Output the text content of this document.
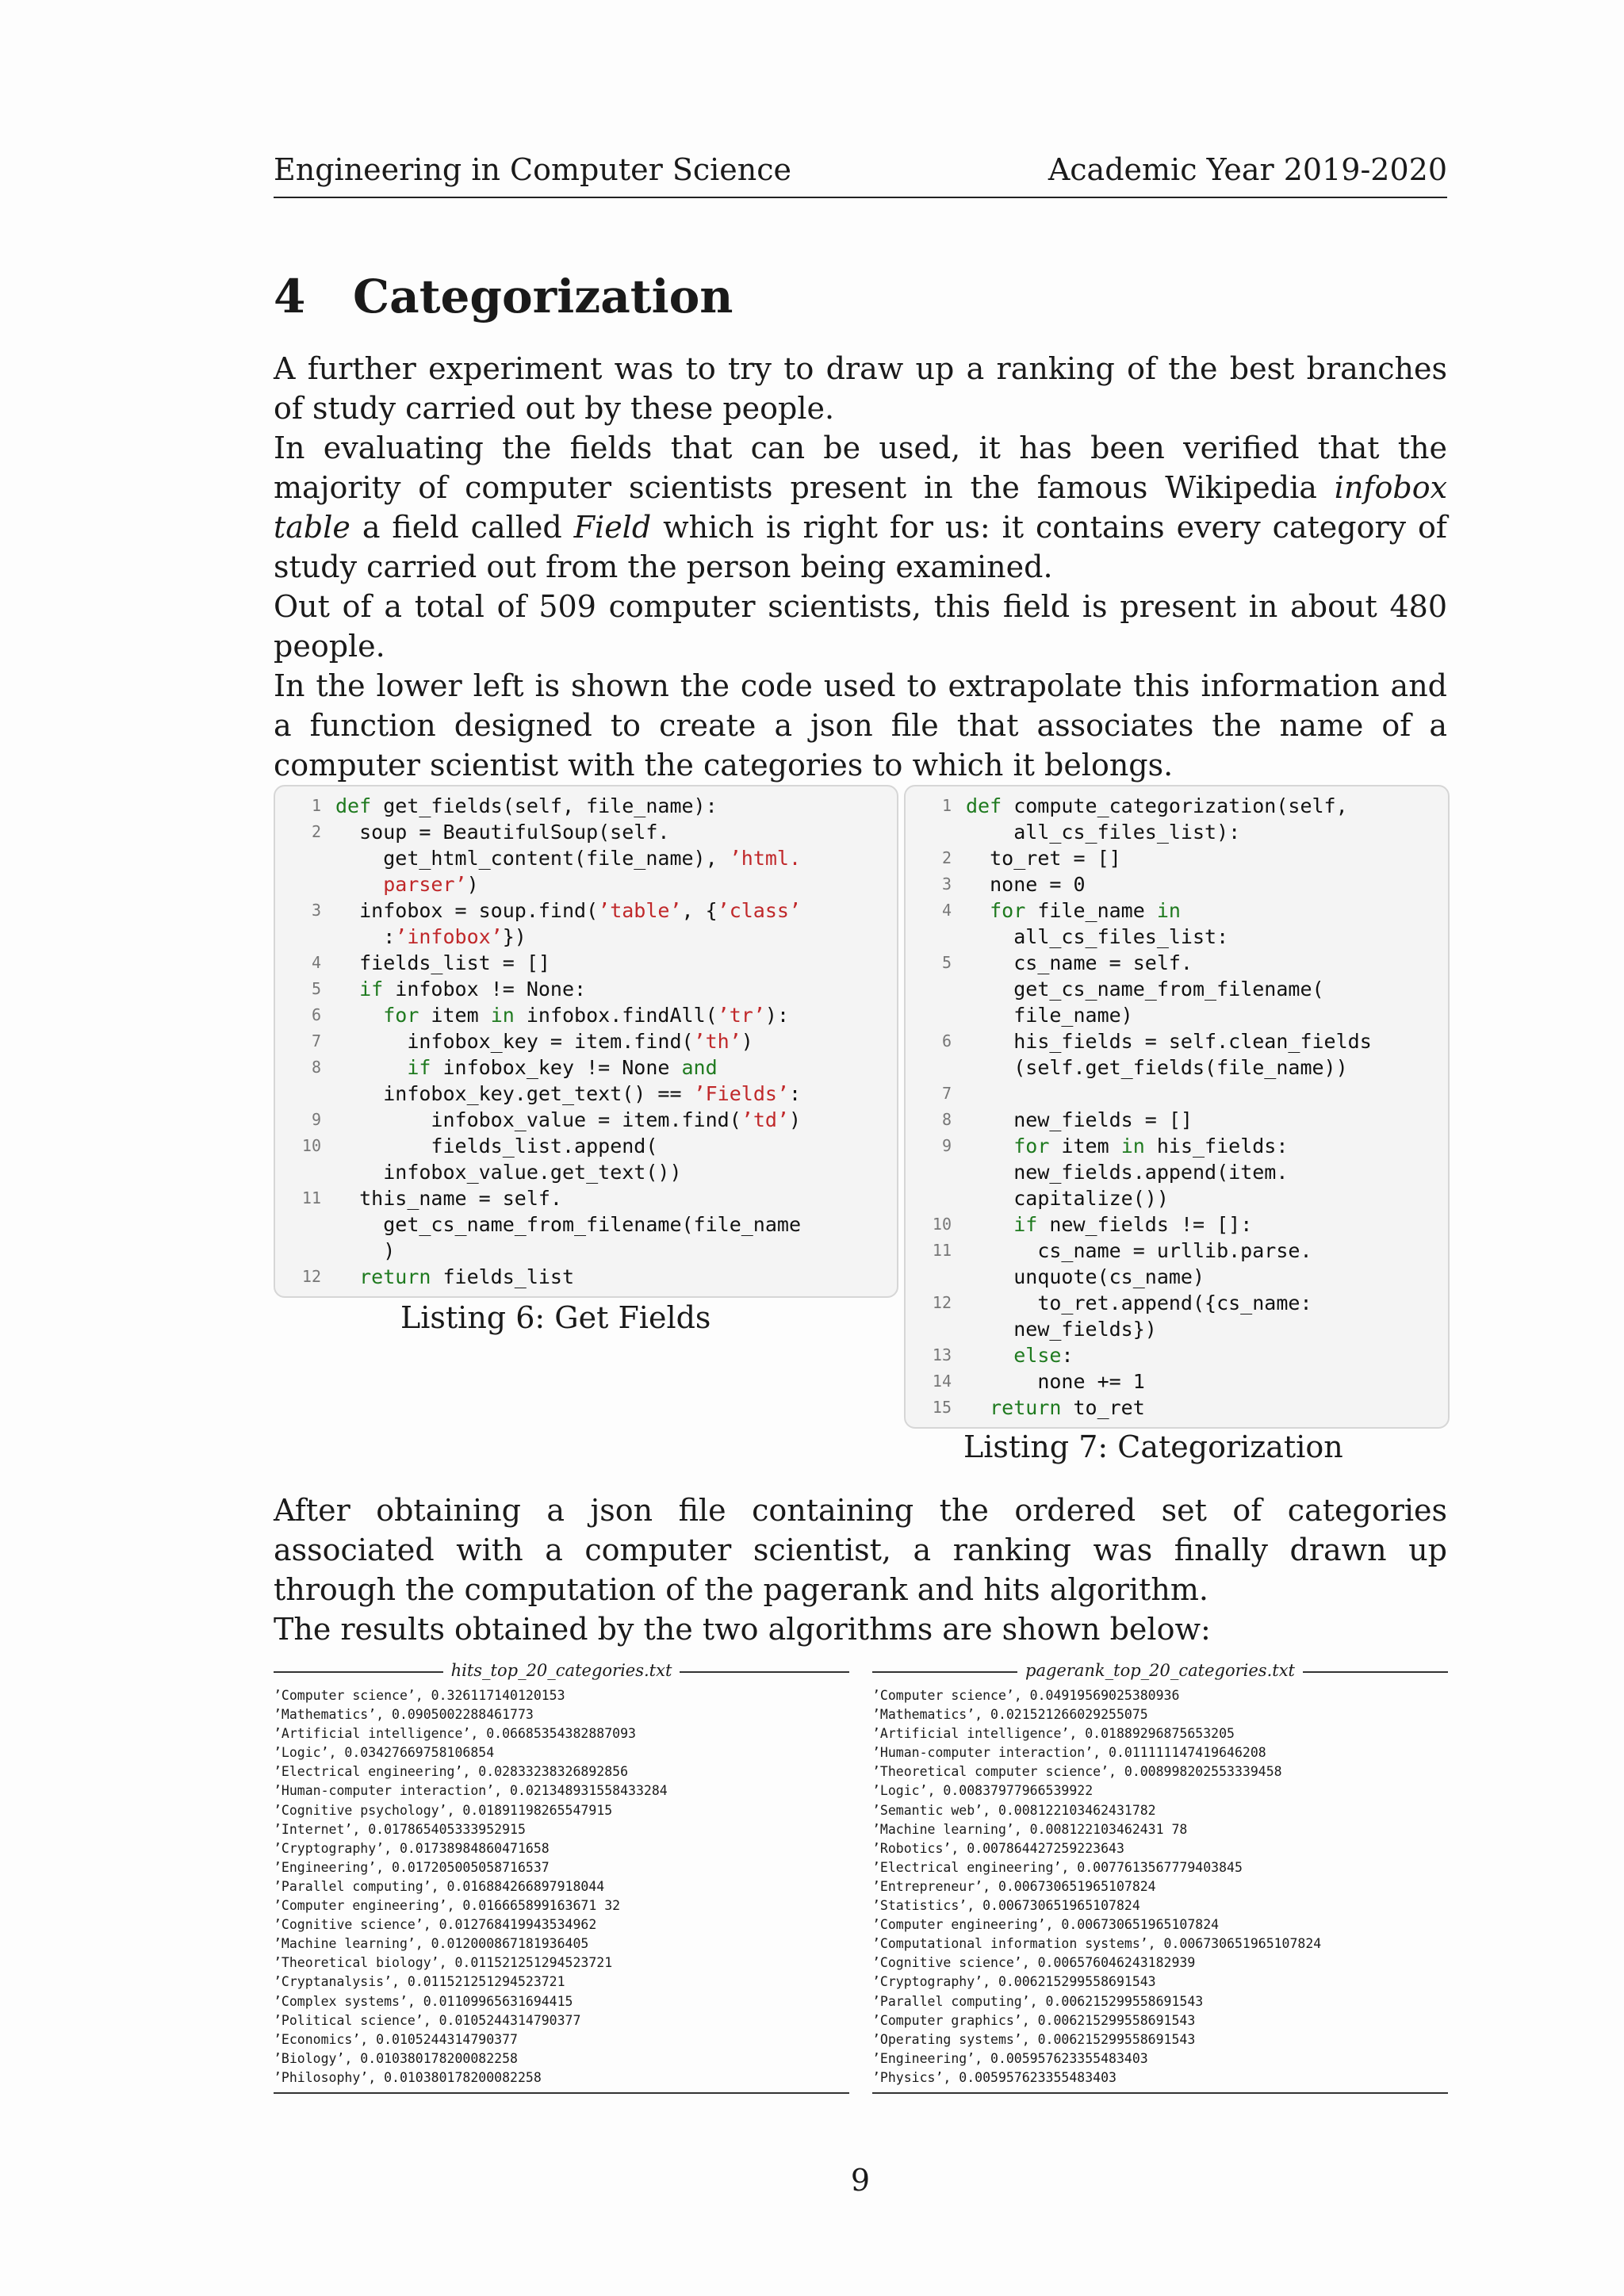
Engineering in Computer Science	Academic Year 2019-2020
4 Categorization

A further experiment was to try to draw up a ranking of the best branches of study carried out by these people.

In evaluating the fields that can be used, it has been verified that the majority of computer scientists present in the famous Wikipedia infobox table a field called Field which is right for us: it contains every category of study carried out from the person being examined.

Out of a total of 509 computer scientists, this field is present in about 480 people.

In the lower left is shown the code used to extrapolate this information and a function designed to create a json file that associates the name of a computer scientist with the categories to which it belongs.

1 def get_fields(self, file_name):
2 soup = BeautifulSoup(self.
get_html_content(file_name), ’html.
parser’)
3 infobox = soup.find(’table’, {’class’
:’infobox’})
4 fields_list = []
5	if infobox != None:
6	for item in infobox.findAll(’tr’):
7 infobox_key = item.find(’th’)
8	if infobox_key != None and
infobox_key.get_text() == ’Fields’:
9 infobox_value = item.find(’td’)
10 fields_list.append(
infobox_value.get_text())
11 this_name = self.
get_cs_name_from_filename(file_name
)
12	return fields_list
Listing 6: Get Fields
1 def compute_categorization(self,
all_cs_files_list):
2 to_ret = []
3 none = 0
4	for file_name in
all_cs_files_list:
5 cs_name = self.
get_cs_name_from_filename(
file_name)
6 his_fields = self.clean_fields
(self.get_fields(file_name))
7

8 new_fields = []
9	for item in his_fields:
new_fields.append(item.
capitalize())
10	if new_fields != []:
11 cs_name = urllib.parse.
unquote(cs_name)
12 to_ret.append({cs_name:
new_fields})
13	else:
14 none += 1
15	return to_ret
Listing 7: Categorization

After obtaining a json file containing the ordered set of categories associated with a computer scientist, a ranking was finally drawn up through the computation of the pagerank and hits algorithm.

The results obtained by the two algorithms are shown below:

hits_top_20_categories.txt
’Computer science’, 0.326117140120153
’Mathematics’, 0.0905002288461773
’Artificial intelligence’, 0.06685354382887093
’Logic’, 0.03427669758106854
’Electrical engineering’, 0.02833238326892856
’Human-computer interaction’, 0.021348931558433284
’Cognitive psychology’, 0.01891198265547915
’Internet’, 0.017865405333952915
’Cryptography’, 0.01738984860471658
’Engineering’, 0.017205005058716537
’Parallel computing’, 0.016884266897918044
’Computer engineering’, 0.016665899163671 32
’Cognitive science’, 0.012768419943534962
’Machine learning’, 0.012000867181936405
’Theoretical biology’, 0.011521251294523721
’Cryptanalysis’, 0.011521251294523721
’Complex systems’, 0.01109965631694415
’Political science’, 0.0105244314790377
’Economics’, 0.0105244314790377
’Biology’, 0.010380178200082258
’Philosophy’, 0.010380178200082258
pagerank_top_20_categories.txt
’Computer science’, 0.04919569025380936
’Mathematics’, 0.021521266029255075
’Artificial intelligence’, 0.01889296875653205
’Human-computer interaction’, 0.011111147419646208
’Theoretical computer science’, 0.008998202553339458
’Logic’, 0.00837977966539922
’Semantic web’, 0.008122103462431782
’Machine learning’, 0.008122103462431 78
’Robotics’, 0.007864427259223643
’Electrical engineering’, 0.0077613567779403845
’Entrepreneur’, 0.006730651965107824
’Statistics’, 0.006730651965107824
’Computer engineering’, 0.006730651965107824
’Computational information systems’, 0.006730651965107824
’Cognitive science’, 0.006576046243182939
’Cryptography’, 0.006215299558691543
’Parallel computing’, 0.006215299558691543
’Computer graphics’, 0.006215299558691543
’Operating systems’, 0.006215299558691543
’Engineering’, 0.005957623355483403
’Physics’, 0.005957623355483403
9
